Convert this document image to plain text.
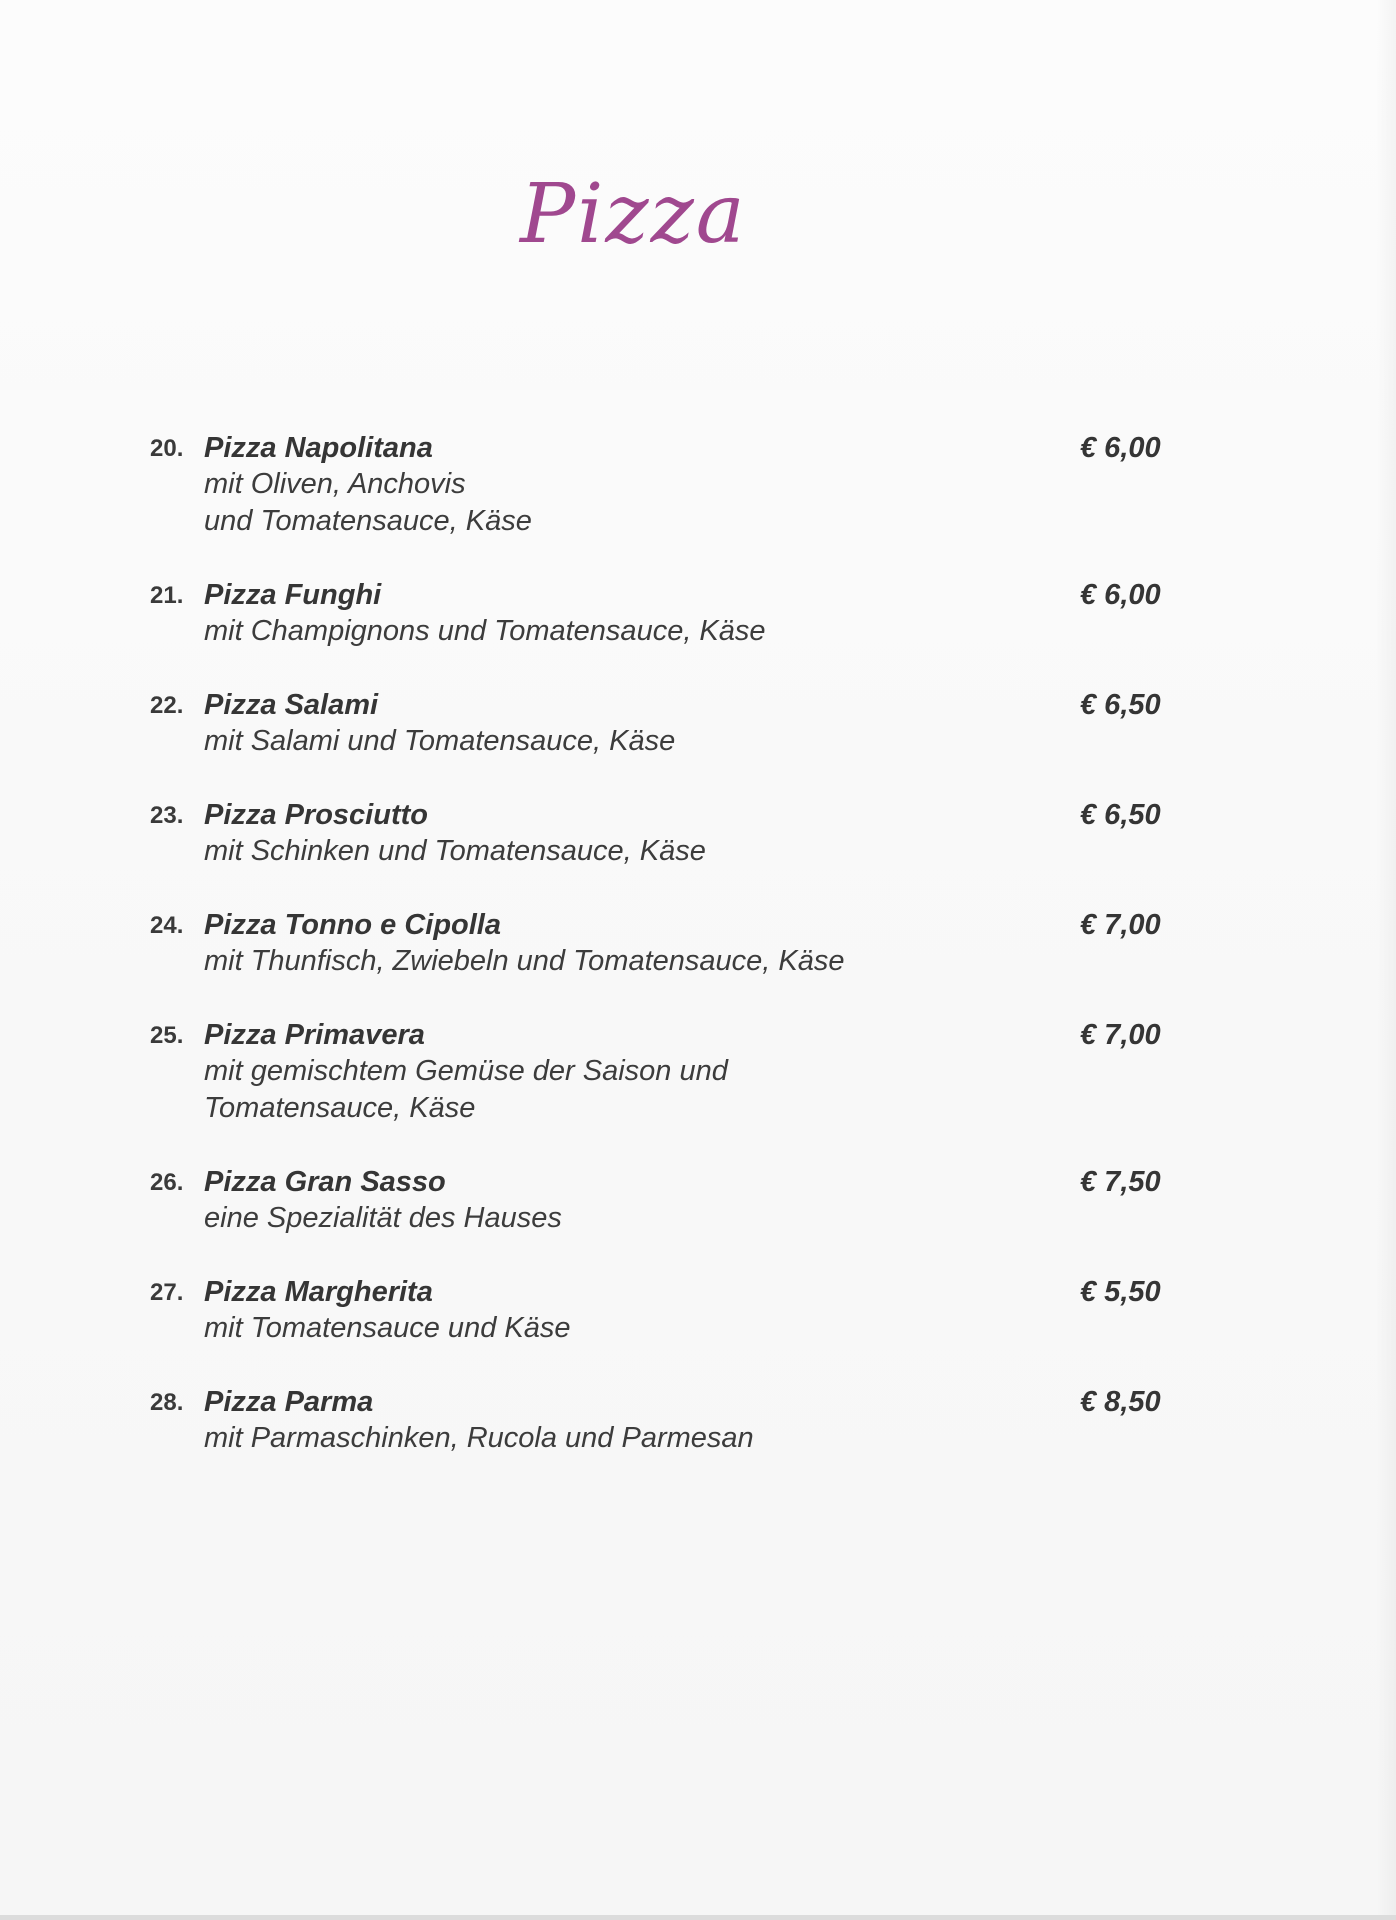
Pizza
20. Pizza Napolitana
mit Oliven, Anchovis
und Tomatensauce, Käse
€ 6,00
21. Pizza Funghi
mit Champignons und Tomatensauce, Käse
€ 6,00
22. Pizza Salami
mit Salami und Tomatensauce, Käse
€ 6,50
23. Pizza Prosciutto
mit Schinken und Tomatensauce, Käse
€ 6,50
24. Pizza Tonno e Cipolla
mit Thunfisch, Zwiebeln und Tomatensauce, Käse
€ 7,00
25. Pizza Primavera
mit gemischtem Gemüse der Saison und
Tomatensauce, Käse
€ 7,00
26. Pizza Gran Sasso
eine Spezialität des Hauses
€ 7,50
27. Pizza Margherita
mit Tomatensauce und Käse
€ 5,50
28. Pizza Parma
mit Parmaschinken, Rucola und Parmesan
€ 8,50
